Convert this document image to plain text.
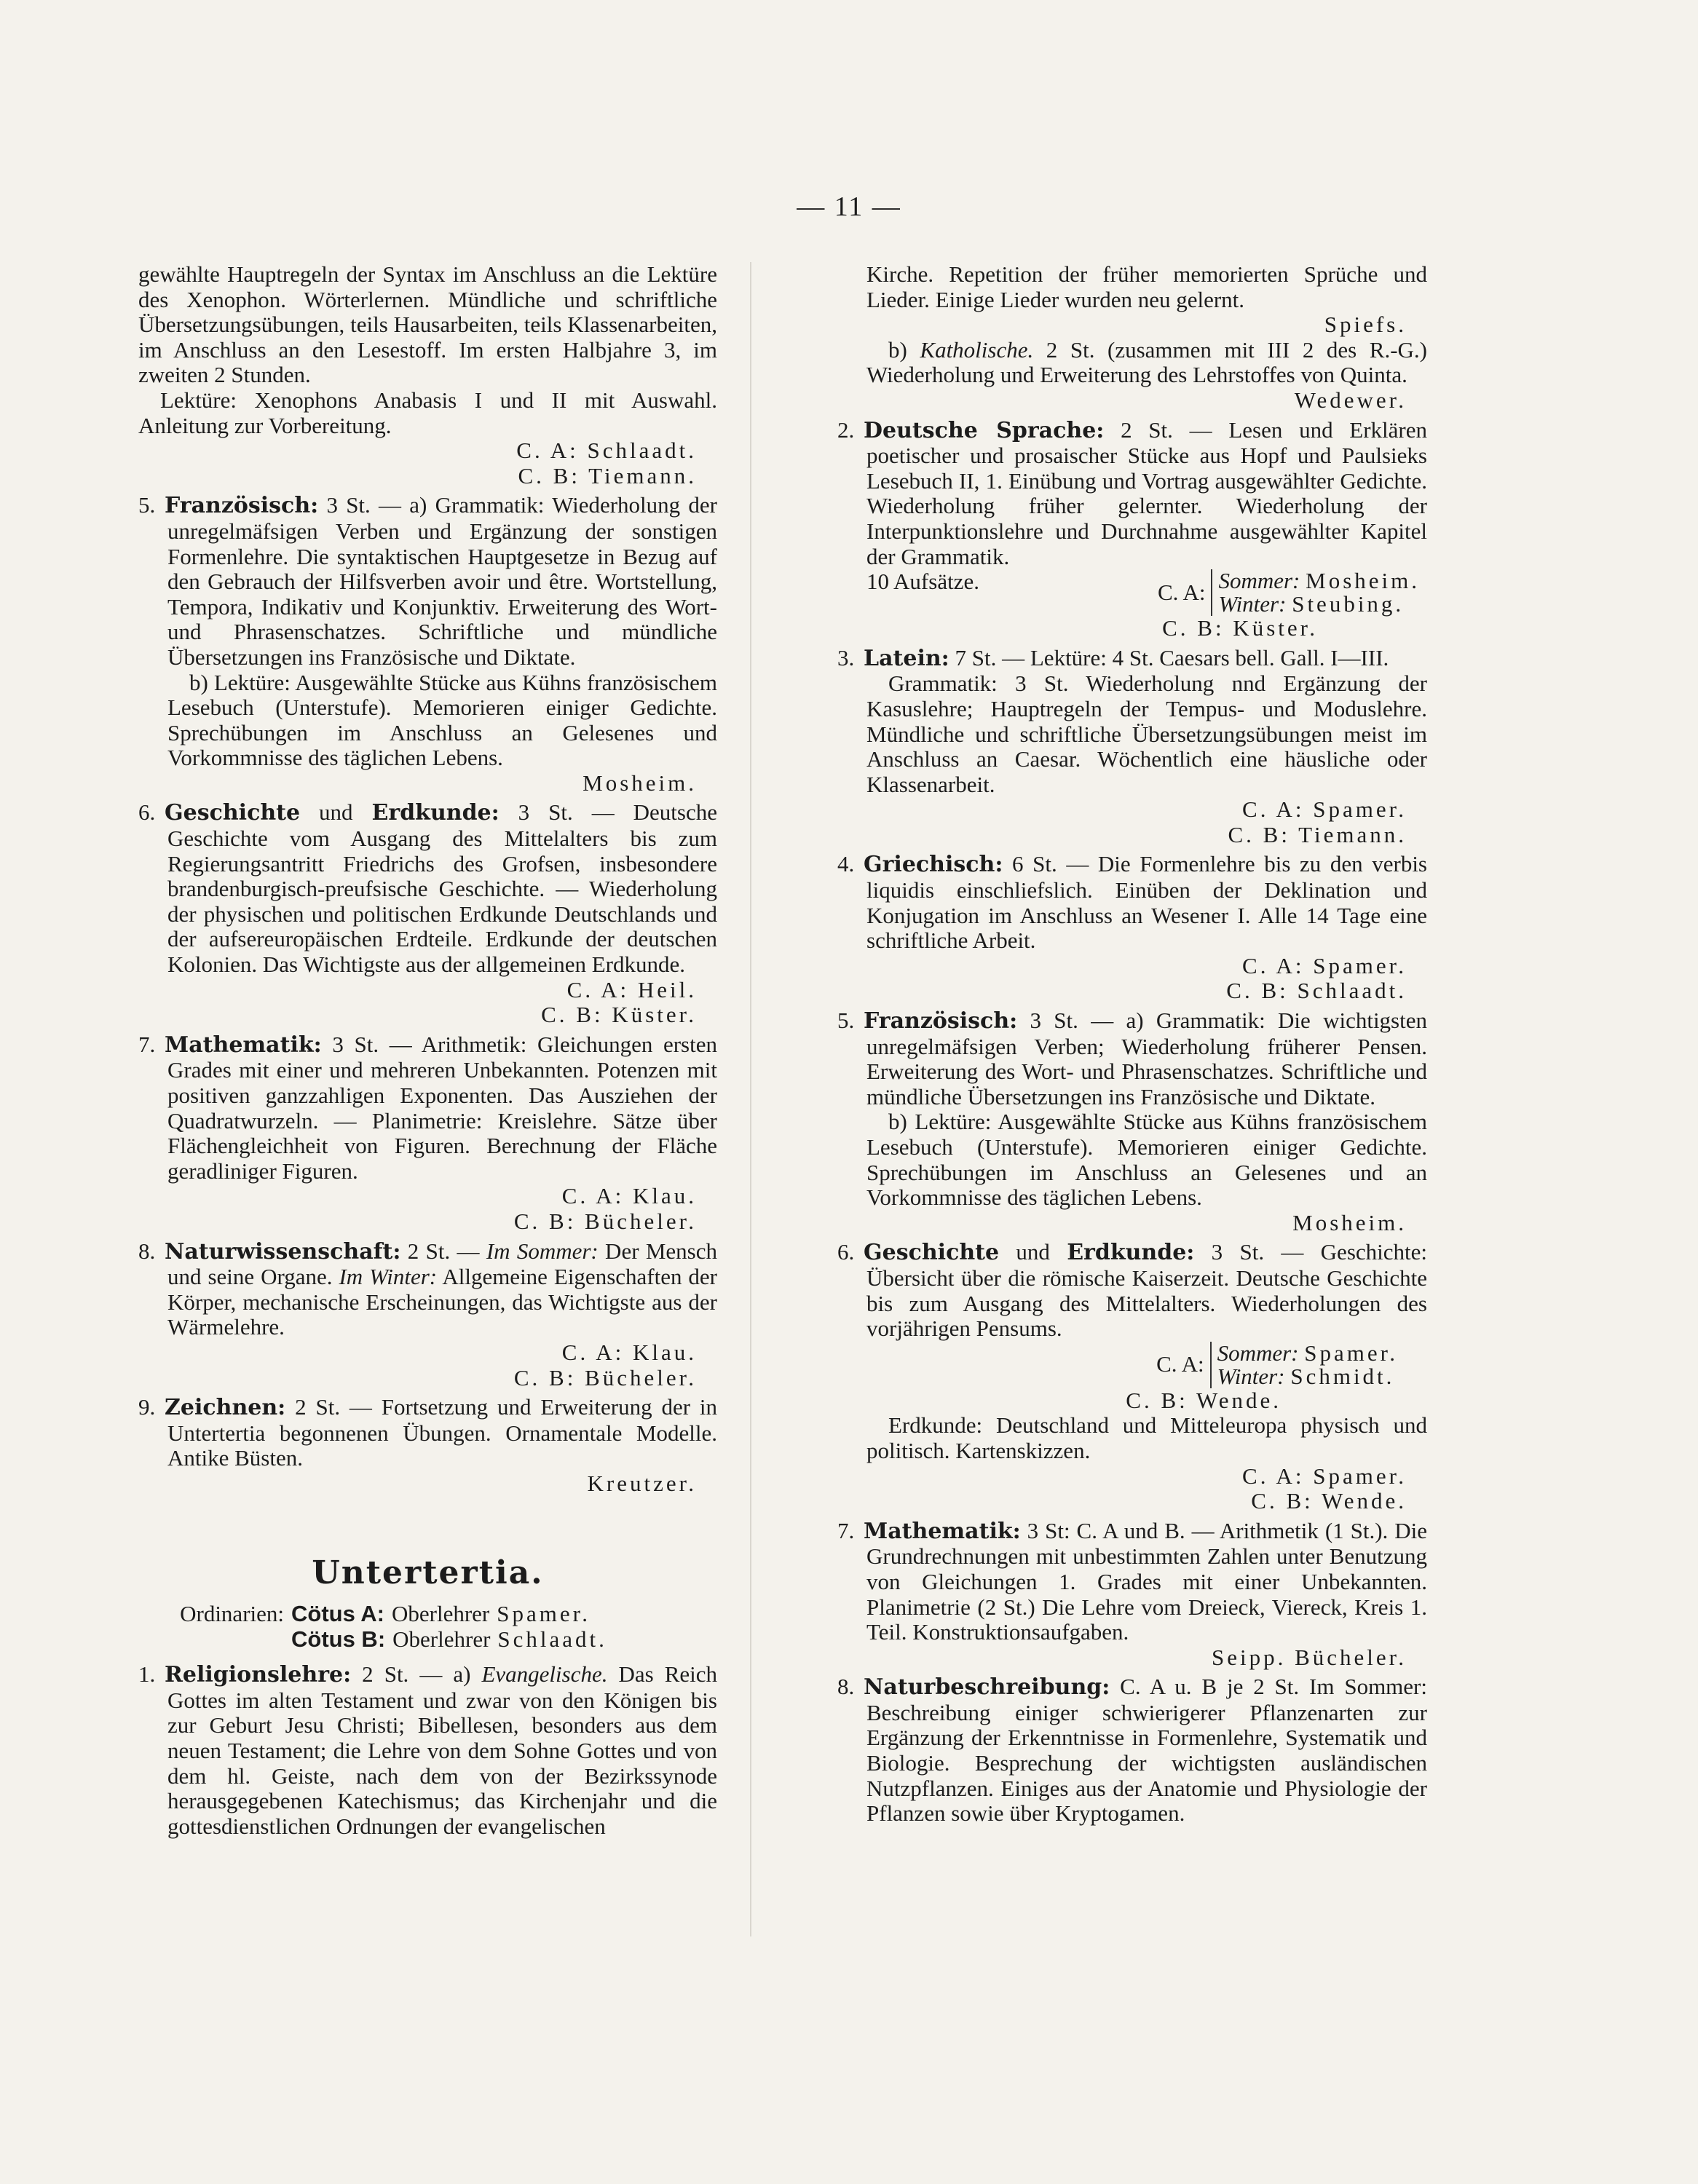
— 11 —

gewählte Hauptregeln der Syntax im Anschluss an die Lektüre des Xenophon. Wörterlernen. Mündliche und schriftliche Übersetzungsübungen, teils Hausarbeiten, teils Klassenarbeiten, im Anschluss an den Lesestoff. Im ersten Halbjahre 3, im zweiten 2 Stunden.

Lektüre: Xenophons Anabasis I und II mit Auswahl. Anleitung zur Vorbereitung.

C. A: Schlaadt.

C. B: Tiemann.

5. Französisch: 3 St. — a) Grammatik: Wiederholung der unregelmäfsigen Verben und Ergänzung der sonstigen Formenlehre. Die syntaktischen Hauptgesetze in Bezug auf den Gebrauch der Hilfsverben avoir und être. Wortstellung, Tempora, Indikativ und Konjunktiv. Erweiterung des Wort- und Phrasenschatzes. Schriftliche und mündliche Übersetzungen ins Französische und Diktate.

b) Lektüre: Ausgewählte Stücke aus Kühns französischem Lesebuch (Unterstufe). Memorieren einiger Gedichte. Sprechübungen im Anschluss an Gelesenes und Vorkommnisse des täglichen Lebens.

Mosheim.

6. Geschichte und Erdkunde: 3 St. — Deutsche Geschichte vom Ausgang des Mittelalters bis zum Regierungsantritt Friedrichs des Grofsen, insbesondere brandenburgisch-preufsische Geschichte. — Wiederholung der physischen und politischen Erdkunde Deutschlands und der aufsereuropäischen Erdteile. Erdkunde der deutschen Kolonien. Das Wichtigste aus der allgemeinen Erdkunde.

C. A: Heil.

C. B: Küster.

7. Mathematik: 3 St. — Arithmetik: Gleichungen ersten Grades mit einer und mehreren Unbekannten. Potenzen mit positiven ganzzahligen Exponenten. Das Ausziehen der Quadratwurzeln. — Planimetrie: Kreislehre. Sätze über Flächengleichheit von Figuren. Berechnung der Fläche geradliniger Figuren.

C. A: Klau.

C. B: Bücheler.

8. Naturwissenschaft: 2 St. — Im Sommer: Der Mensch und seine Organe. Im Winter: Allgemeine Eigenschaften der Körper, mechanische Erscheinungen, das Wichtigste aus der Wärmelehre.

C. A: Klau.

C. B: Bücheler.

9. Zeichnen: 2 St. — Fortsetzung und Erweiterung der in Untertertia begonnenen Übungen. Ornamentale Modelle. Antike Büsten.

Kreutzer.

Untertertia.
Ordinarien: Cötus A: Oberlehrer Spamer.
Cötus B: Oberlehrer Schlaadt.

1. Religionslehre: 2 St. — a) Evangelische. Das Reich Gottes im alten Testament und zwar von den Königen bis zur Geburt Jesu Christi; Bibellesen, besonders aus dem neuen Testament; die Lehre von dem Sohne Gottes und von dem hl. Geiste, nach dem von der Bezirkssynode herausgegebenen Katechismus; das Kirchenjahr und die gottesdienstlichen Ordnungen der evangelischen

Kirche. Repetition der früher memorierten Sprüche und Lieder. Einige Lieder wurden neu gelernt.

Spiefs.

b) Katholische. 2 St. (zusammen mit III 2 des R.-G.) Wiederholung und Erweiterung des Lehrstoffes von Quinta.

Wedewer.

2. Deutsche Sprache: 2 St. — Lesen und Erklären poetischer und prosaischer Stücke aus Hopf und Paulsieks Lesebuch II, 1. Einübung und Vortrag ausgewählter Gedichte. Wiederholung früher gelernter. Wiederholung der Interpunktionslehre und Durchnahme ausgewählter Kapitel der Grammatik.

10 Aufsätze.	C. A: Sommer: Mosheim.
Winter: Steubing.

C. B: Küster.

3. Latein: 7 St. — Lektüre: 4 St. Caesars bell. Gall. I—III.

Grammatik: 3 St. Wiederholung nnd Ergänzung der Kasuslehre; Hauptregeln der Tempus- und Moduslehre. Mündliche und schriftliche Übersetzungsübungen meist im Anschluss an Caesar. Wöchentlich eine häusliche oder Klassenarbeit.

C. A: Spamer.

C. B: Tiemann.

4. Griechisch: 6 St. — Die Formenlehre bis zu den verbis liquidis einschliefslich. Einüben der Deklination und Konjugation im Anschluss an Wesener I. Alle 14 Tage eine schriftliche Arbeit.

C. A: Spamer.

C. B: Schlaadt.

5. Französisch: 3 St. — a) Grammatik: Die wichtigsten unregelmäfsigen Verben; Wiederholung früherer Pensen. Erweiterung des Wort- und Phrasenschatzes. Schriftliche und mündliche Übersetzungen ins Französische und Diktate.

b) Lektüre: Ausgewählte Stücke aus Kühns französischem Lesebuch (Unterstufe). Memorieren einiger Gedichte. Sprechübungen im Anschluss an Gelesenes und an Vorkommnisse des täglichen Lebens.

Mosheim.

6. Geschichte und Erdkunde: 3 St. — Geschichte: Übersicht über die römische Kaiserzeit. Deutsche Geschichte bis zum Ausgang des Mittelalters. Wiederholungen des vorjährigen Pensums.

C. A: Sommer: Spamer.
Winter: Schmidt.

C. B: Wende.

Erdkunde: Deutschland und Mitteleuropa physisch und politisch. Kartenskizzen.

C. A: Spamer.

C. B: Wende.

7. Mathematik: 3 St: C. A und B. — Arithmetik (1 St.). Die Grundrechnungen mit unbestimmten Zahlen unter Benutzung von Gleichungen 1. Grades mit einer Unbekannten. Planimetrie (2 St.) Die Lehre vom Dreieck, Viereck, Kreis 1. Teil. Konstruktionsaufgaben.

Seipp. Bücheler.

8. Naturbeschreibung: C. A u. B je 2 St. Im Sommer: Beschreibung einiger schwierigerer Pflanzenarten zur Ergänzung der Erkenntnisse in Formenlehre, Systematik und Biologie. Besprechung der wichtigsten ausländischen Nutzpflanzen. Einiges aus der Anatomie und Physiologie der Pflanzen sowie über Kryptogamen.
